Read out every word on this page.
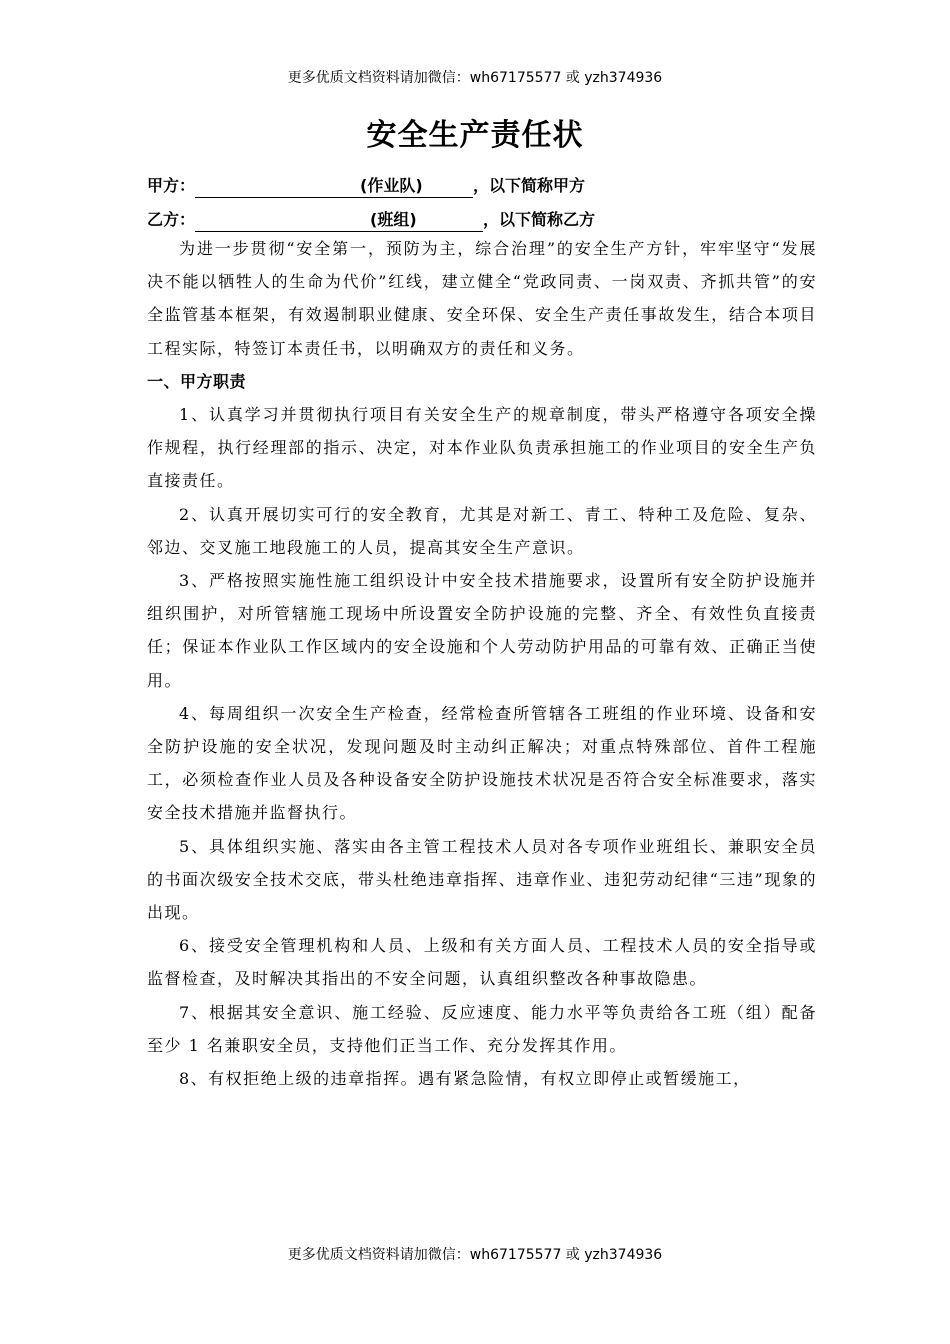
更多优质文档资料请加微信：wh67175577 或 yzh374936
安全生产责任状
甲方：	(作业队)	，以下简称甲方
乙方：	(班组)	，以下简称乙方

为进一步贯彻“安全第一，预防为主，综合治理”的安全生产方针，牢牢坚守“发展决不能以牺牲人的生命为代价”红线，建立健全“党政同责、一岗双责、齐抓共管”的安全监管基本框架，有效遏制职业健康、安全环保、安全生产责任事故发生，结合本项目工程实际，特签订本责任书，以明确双方的责任和义务。

一、甲方职责

1、认真学习并贯彻执行项目有关安全生产的规章制度，带头严格遵守各项安全操作规程，执行经理部的指示、决定，对本作业队负责承担施工的作业项目的安全生产负直接责任。

2、认真开展切实可行的安全教育，尤其是对新工、青工、特种工及危险、复杂、邻边、交叉施工地段施工的人员，提高其安全生产意识。

3、严格按照实施性施工组织设计中安全技术措施要求，设置所有安全防护设施并组织围护，对所管辖施工现场中所设置安全防护设施的完整、齐全、有效性负直接责任；保证本作业队工作区域内的安全设施和个人劳动防护用品的可靠有效、正确正当使用。

4、每周组织一次安全生产检查，经常检查所管辖各工班组的作业环境、设备和安全防护设施的安全状况，发现问题及时主动纠正解决；对重点特殊部位、首件工程施工，必须检查作业人员及各种设备安全防护设施技术状况是否符合安全标准要求，落实安全技术措施并监督执行。

5、具体组织实施、落实由各主管工程技术人员对各专项作业班组长、兼职安全员的书面次级安全技术交底，带头杜绝违章指挥、违章作业、违犯劳动纪律“三违”现象的出现。

6、接受安全管理机构和人员、上级和有关方面人员、工程技术人员的安全指导或监督检查，及时解决其指出的不安全问题，认真组织整改各种事故隐患。

7、根据其安全意识、施工经验、反应速度、能力水平等负责给各工班（组）配备至少 1 名兼职安全员，支持他们正当工作、充分发挥其作用。

8、有权拒绝上级的违章指挥。遇有紧急险情，有权立即停止或暂缓施工，

更多优质文档资料请加微信：wh67175577 或 yzh374936
